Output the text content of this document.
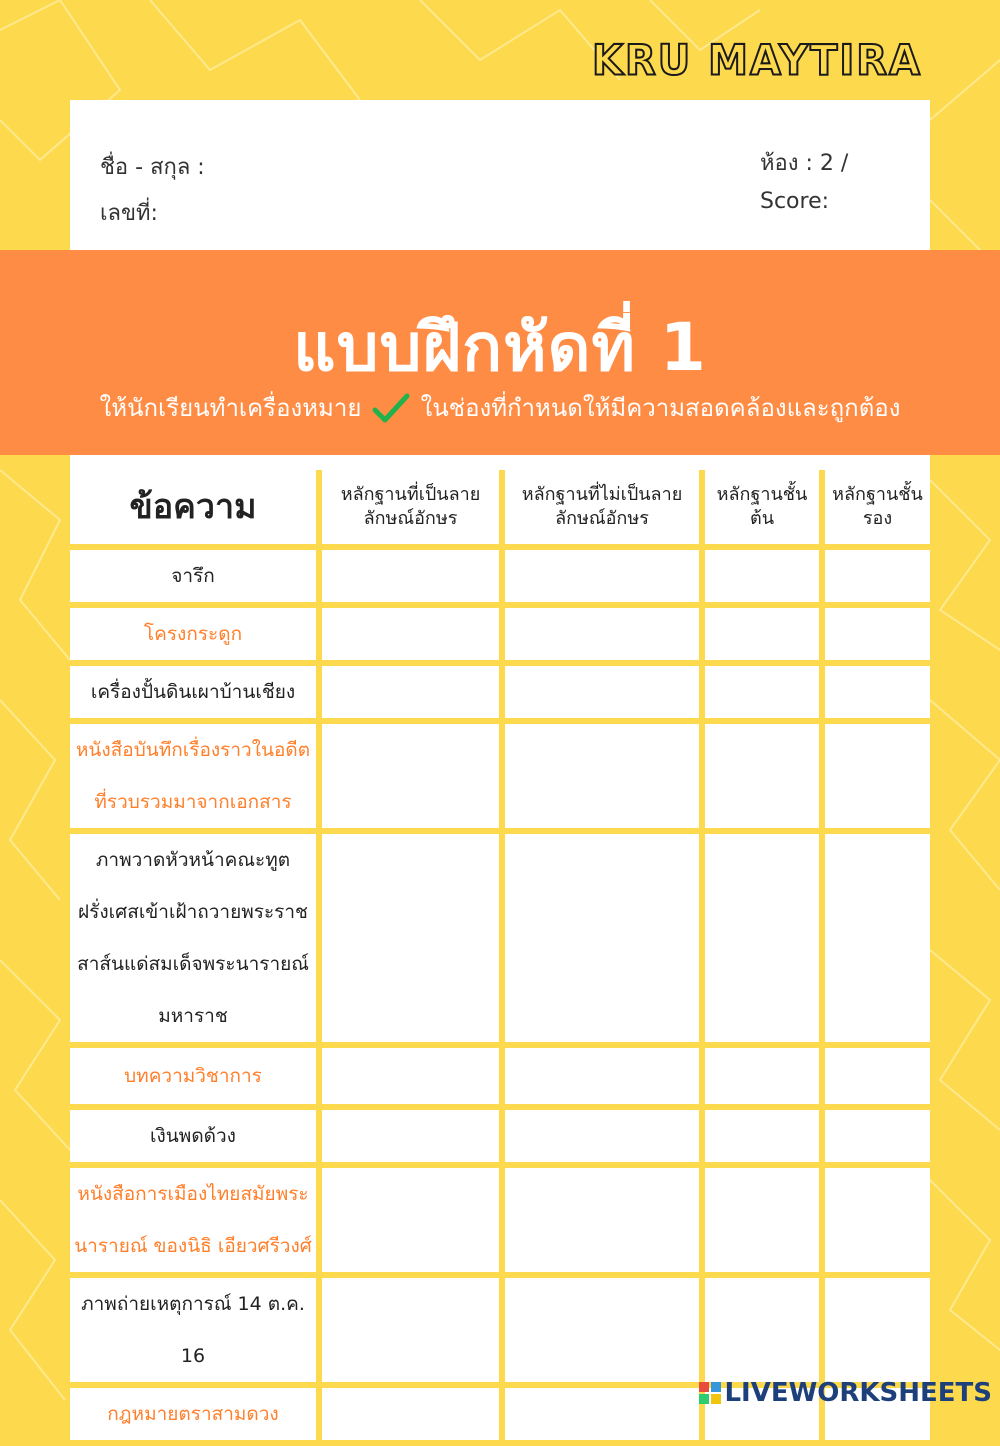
KRU MAYTIRA
ชื่อ - สกุล :
เลขที่:
ห้อง : 2 /
Score:
แบบฝึกหัดที่ 1
ให้นักเรียนทำเครื่องหมาย ในช่องที่กำหนดให้มีความสอดคล้องและถูกต้อง
ข้อความ	หลักฐานที่เป็นลายลักษณ์อักษร	หลักฐานที่ไม่เป็นลายลักษณ์อักษร	หลักฐานชั้นต้น	หลักฐานชั้นรอง
จารึก				
โครงกระดูก				
เครื่องปั้นดินเผาบ้านเชียง				
หนังสือบันทึกเรื่องราวในอดีตที่รวบรวมมาจากเอกสาร				
ภาพวาดหัวหน้าคณะทูตฝรั่งเศสเข้าเฝ้าถวายพระราชสาส์นแด่สมเด็จพระนารายณ์มหาราช				
บทความวิชาการ				
เงินพดด้วง				
หนังสือการเมืองไทยสมัยพระนารายณ์ ของนิธิ เอียวศรีวงศ์				
ภาพถ่ายเหตุการณ์ 14 ต.ค. 16				
กฎหมายตราสามดวง				
LIVEWORKSHEETS
